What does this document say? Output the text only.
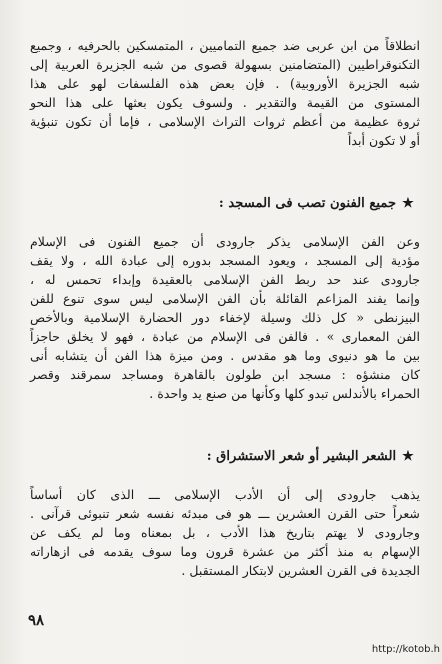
انطلاقاً من ابن عربى ضد جميع التماميين ، المتمسكين بالحرفيه ، وجميع
التكنوقراطيين (المتضامنين بسهولة قصوى من شبه الجزيرة العربية إلى
شبه الجزيرة الأوروبية) . فإن بعض هذه الفلسفات لهو على هذا
المستوى من القيمة والتقدير . ولسوف يكون بعثها على هذا النحو
ثروة عظيمة من أعظم ثروات التراث الإسلامى ، فإما أن تكون تنبؤية
أو لا تكون أبداً
★جميع الفنون تصب فى المسجد :
وعن الفن الإسلامى يذكر جارودى أن جميع الفنون فى الإسلام
مؤدية إلى المسجد ، ويعود المسجد بدوره إلى عبادة الله ، ولا يقف
جارودى عند حد ربط الفن الإسلامى بالعقيدة وإبداء تحمس له ،
وإنما يفند المزاعم القائلة بأن الفن الإسلامى ليس سوى تنوع للفن
البيزنطى « كل ذلك وسيلة لإخفاء دور الحضارة الإسلامية وبالأخص
الفن المعمارى » . فالفن فى الإسلام من عبادة ، فهو لا يخلق حاجزاً
بين ما هو دنيوى وما هو مقدس . ومن ميزة هذا الفن أن يتشابه أنى
كان منشؤه : مسجد ابن طولون بالقاهرة ومساجد سمرقند وقصر
الحمراء بالأندلس تبدو كلها وكأنها من صنع يد واحدة .
★الشعر البشير أو شعر الاستشراق :
يذهب جارودى إلى أن الأدب الإسلامى ـــ الذى كان أساساً
شعراً حتى القرن العشرين ـــ هو فى مبدئه نفسه شعر تنبوئى قرآنى .
وجارودى لا يهتم بتاريخ هذا الأدب ، بل بمعناه وما لم يكف عن
الإسهام به منذ أكثر من عشرة قرون وما سوف يقدمه فى ازهاراته
الجديدة فى القرن العشرين لابتكار المستقبل .
٩٨
http://kotob.h
